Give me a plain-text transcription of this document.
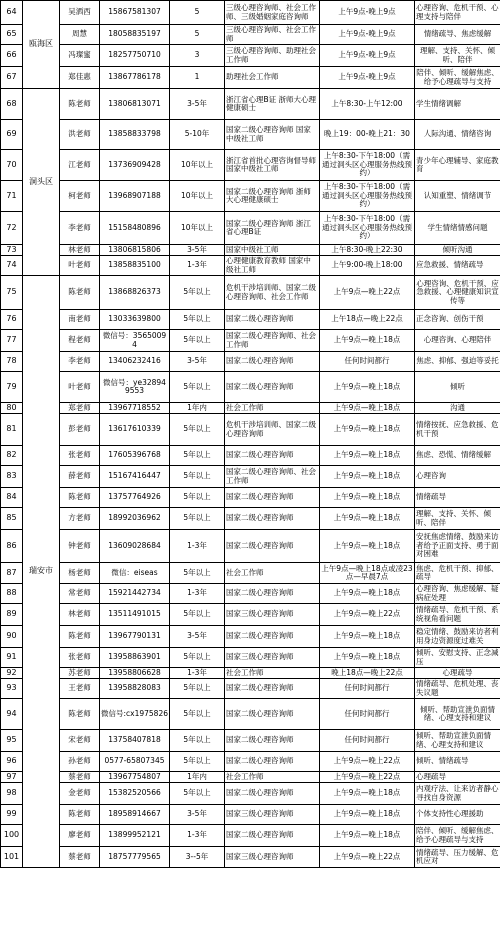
64	瓯海区	吴洒西	15867581307	5	三级心理咨询师、社会工作师、三级婚姻家庭咨询师	上午9点-晚上9点	心理咨询、危机干预、心理支持与陪伴
65		周慧	18058835197	5	三级心理咨询师、社会工作师	上午9点-晚上9点	情绪疏导、焦虑缓解
66		冯璨蜜	18257750710	3	三级心理咨询师、助理社会工作师	上午9点-晚上9点	理解、支持、关怀、倾听、陪伴
67		郑佳惠	13867786178	1	助理社会工作师	上午9点-晚上9点	陪伴、倾听、缓解焦虑、给予心理疏导与支持
68	洞头区	陈老师	13806813071	3-5年	浙江省心理B证 浙师大心理健康硕士	上午8:30-上午12:00	学生情绪调解
69		洪老师	13858833798	5-10年	国家二级心理咨询师 国家中级社工师	晚上19：00-晚上21：30	人际沟通、情绪咨询
70		江老师	13736909428	10年以上	浙江省首批心理咨询督导师 国家中级社工师	上午8:30-下午18:00（需通过洞头区心理服务热线预约）	青少年心理辅导、家庭教育
71		柯老师	13968907188	10年以上	国家二级心理咨询师 浙师大心理健康硕士	上午8:30-下午18:00（需通过洞头区心理服务热线预约）	认知重塑、情绪调节
72		李老师	15158480896	10年以上	国家二级心理咨询师 浙江省心理B证	上午8:30-下午18:00（需通过洞头区心理服务热线预约）	学生情绪情感问题
73		林老师	13806815806	3-5年	国家中级社工师	上午8:30-晚上22:30	倾听沟通
74		叶老师	13858835100	1-3年	心理健康教育教师 国家中级社工师	上午9:00-晚上18:00	应急救援、情绪疏导
75	瑞安市	陈老师	13868826373	5年以上	危机干涉培训师、国家二级心理咨询师、社会工作师	上午9点—晚上22点	心理咨询、危机干预、应急救援、心理健康知识宣传等
76		南老师	13033639800	5年以上	国家二级心理咨询师	上午18点—晚上22点	正念咨询、创伤干预
77		程老师	微信号：35650094	5年以上	国家二级心理咨询师、社会工作师	上午9点—晚上18点	心理咨询、心理陪伴
78		李老师	13406232416	3-5年	国家二级心理咨询师	任何时间都行	焦虑、抑郁、强迫等妥托
79		叶老师	微信号：ye328949553	5年以上	国家二级心理咨询师	上午9点—晚上18点	倾听
80		郑老师	13967718552	1年内	社会工作师	上午9点—晚上18点	沟通
81		彭老师	13617610339	5年以上	危机干涉培训师、国家二级心理咨询师	上午9点—晚上18点	情绪按抚、应急救援、危机干预
82		张老师	17605396768	5年以上	国家二级心理咨询师	上午9点—晚上18点	焦虑、恐慌、情绪缓解
83		薛老师	15167416447	5年以上	国家二级心理咨询师、社会工作师	上午9点—晚上18点	心理咨询
84		陈老师	13757764926	5年以上	国家二级心理咨询师	上午9点—晚上18点	情绪疏导
85		方老师	18992036962	5年以上	国家二级心理咨询师	上午9点—晚上18点	理解、支持、关怀、倾听、陪伴
86		钟老师	13609028684	1-3年	国家二级心理咨询师	上午9点—晚上18点	安抚焦虑情绪、鼓励来访者给予正面支持、勇于面对困难
87		杨老师	微信：eiseas	5年以上	社会工作师	上午9点—晚上18点或凌23点—早晨7点	焦虑、危机干预、抑郁、疏导
88		常老师	15921442734	1-3年	国家二级心理咨询师	上午9点—晚上18点	心理咨询、焦虑缓解、疑病症处理
89		林老师	13511491015	5年以上	国家三级心理咨询师	上午9点—晚上22点	情绪疏导、危机干预、系统视角看问题
90		陈老师	13967790131	3-5年	国家二级心理咨询师	上午9点—晚上18点	稳定情绪、鼓励来访者利用身边资源度过难关
91		张老师	13958863901	5年以上	国家三级心理咨询师	上午9点—晚上18点	倾听、安慰支持、正念减压
92		苏老师	13958806628	1-3年	社会工作师	晚上18点—晚上22点	心理疏导
93		王老师	13958828083	5年以上	国家二级心理咨询师	任何时间都行	情绪疏导、危机处理、丧失议题
94		陈老师	微信号:cx1975826	5年以上	国家二级心理咨询师	任何时间都行	倾听、帮助宣泄负面情绪、心理支持和建议
95		宋老师	13758407818	5年以上	国家二级心理咨询师	任何时间都行	倾听、帮助宣泄负面情绪、心理支持和建议
96		孙老师	0577-65807345	5年以上	国家二级心理咨询师	上午9点—晚上22点	倾听、情绪疏导
97		蔡老师	13967754807	1年内	社会工作师	上午9点—晚上22点	心理疏导
98		金老师	15382520566	5年以上	国家二级心理咨询师	上午9点—晚上18点	内观疗法、让来访者静心寻找自身资源
99		陈老师	18958914667	3-5年	国家三级心理咨询师	上午9点—晚上18点	个体支持性心理援助
100		廖老师	13899952121	1-3年	国家二级心理咨询师	上午9点—晚上18点	陪伴、倾听、缓解焦虑、给予心理疏导与支持
101		蔡老师	18757779565	3--5年	国家三级心理咨询师	上午9点—晚上22点	情绪疏导、压力缓解、危机应对
